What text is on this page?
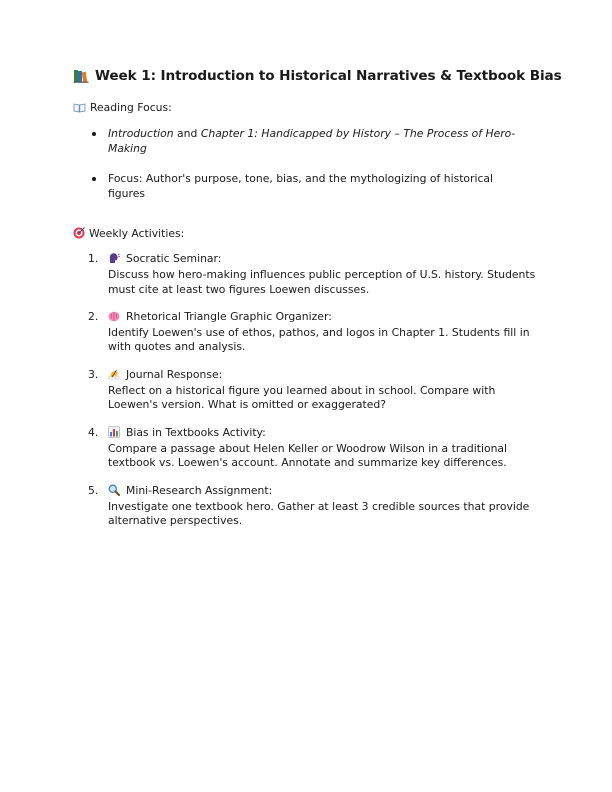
Week 1: Introduction to Historical Narratives & Textbook Bias
Reading Focus:
Introduction and Chapter 1: Handicapped by History – The Process of Hero-Making
Focus: Author's purpose, tone, bias, and the mythologizing of historical figures
Weekly Activities:
1.	Socratic Seminar:
Discuss how hero-making influences public perception of U.S. history. Students must cite at least two figures Loewen discusses.
2.	Rhetorical Triangle Graphic Organizer:
Identify Loewen's use of ethos, pathos, and logos in Chapter 1. Students fill in with quotes and analysis.
3.	Journal Response:
Reflect on a historical figure you learned about in school. Compare with Loewen's version. What is omitted or exaggerated?
4.	Bias in Textbooks Activity:
Compare a passage about Helen Keller or Woodrow Wilson in a traditional textbook vs. Loewen's account. Annotate and summarize key differences.
5.	Mini-Research Assignment:
Investigate one textbook hero. Gather at least 3 credible sources that provide alternative perspectives.
